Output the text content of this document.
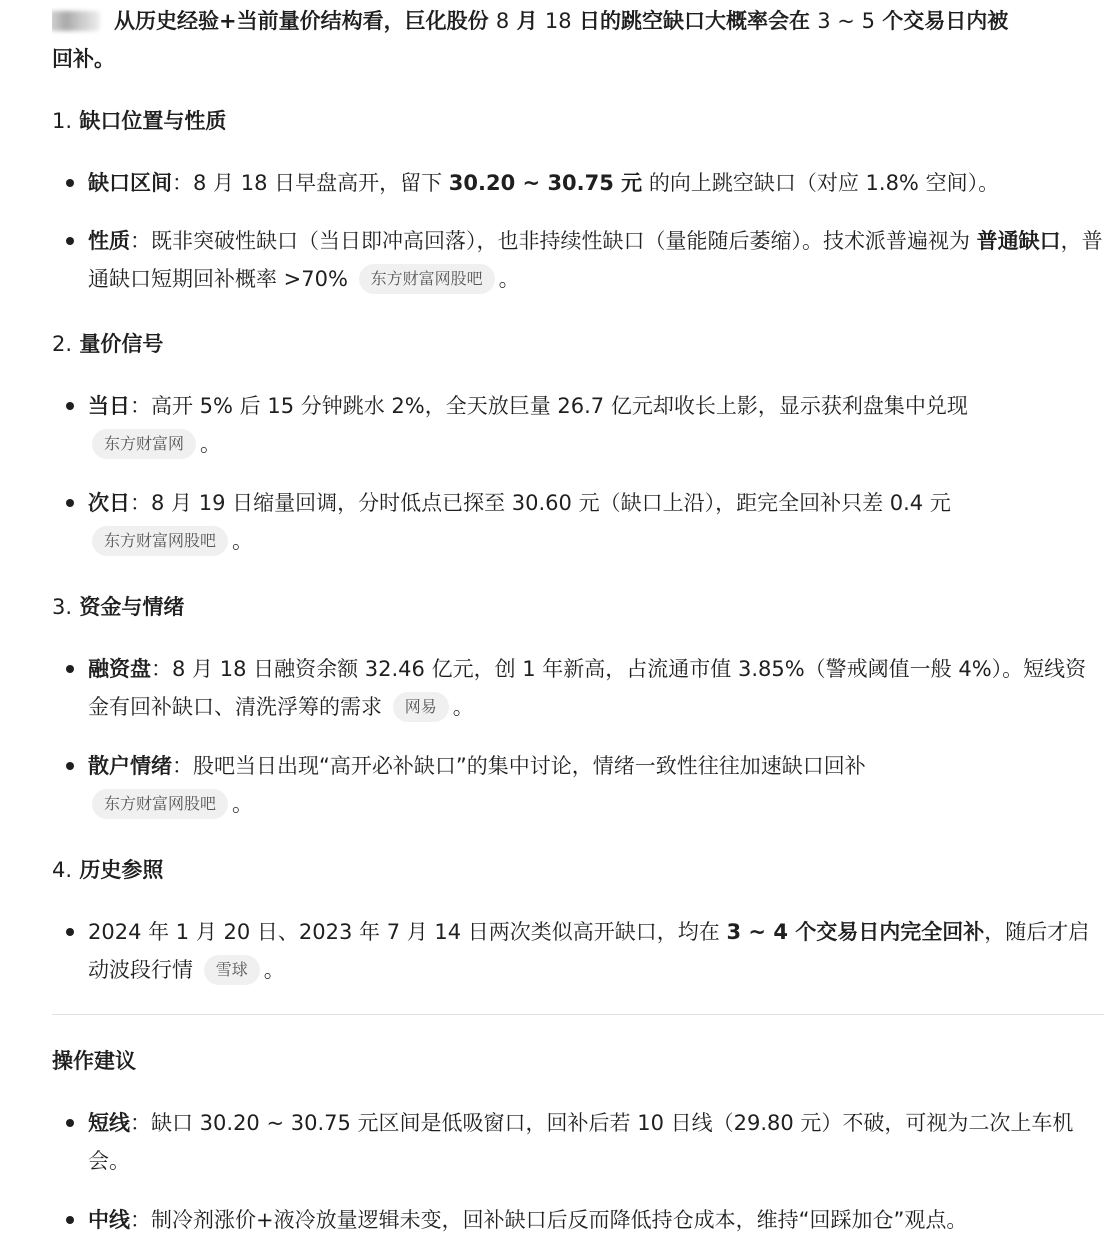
从历史经验+当前量价结构看，巨化股份 8 月 18 日的跳空缺口大概率会在 3 ~ 5 个交易日内被
回补。
1. 缺口位置与性质
缺口区间：8 月 18 日早盘高开，留下 30.20 ~ 30.75 元 的向上跳空缺口（对应 1.8% 空间）。
性质：既非突破性缺口（当日即冲高回落），也非持续性缺口（量能随后萎缩）。技术派普遍视为 普通缺口，普通缺口短期回补概率 >70% 东方财富网股吧 。
2. 量价信号
当日：高开 5% 后 15 分钟跳水 2%，全天放巨量 26.7 亿元却收长上影，显示获利盘集中兑现
东方财富网 。
次日：8 月 19 日缩量回调，分时低点已探至 30.60 元（缺口上沿），距完全回补只差 0.4 元
东方财富网股吧 。
3. 资金与情绪
融资盘：8 月 18 日融资余额 32.46 亿元，创 1 年新高，占流通市值 3.85%（警戒阈值一般 4%）。短线资金有回补缺口、清洗浮筹的需求 网易 。
散户情绪：股吧当日出现“高开必补缺口”的集中讨论，情绪一致性往往加速缺口回补
东方财富网股吧 。
4. 历史参照
2024 年 1 月 20 日、2023 年 7 月 14 日两次类似高开缺口，均在 3 ~ 4 个交易日内完全回补，随后才启动波段行情 雪球 。
操作建议
短线：缺口 30.20 ~ 30.75 元区间是低吸窗口，回补后若 10 日线（29.80 元）不破，可视为二次上车机会。
中线：制冷剂涨价+液冷放量逻辑未变，回补缺口后反而降低持仓成本，维持“回踩加仓”观点。
